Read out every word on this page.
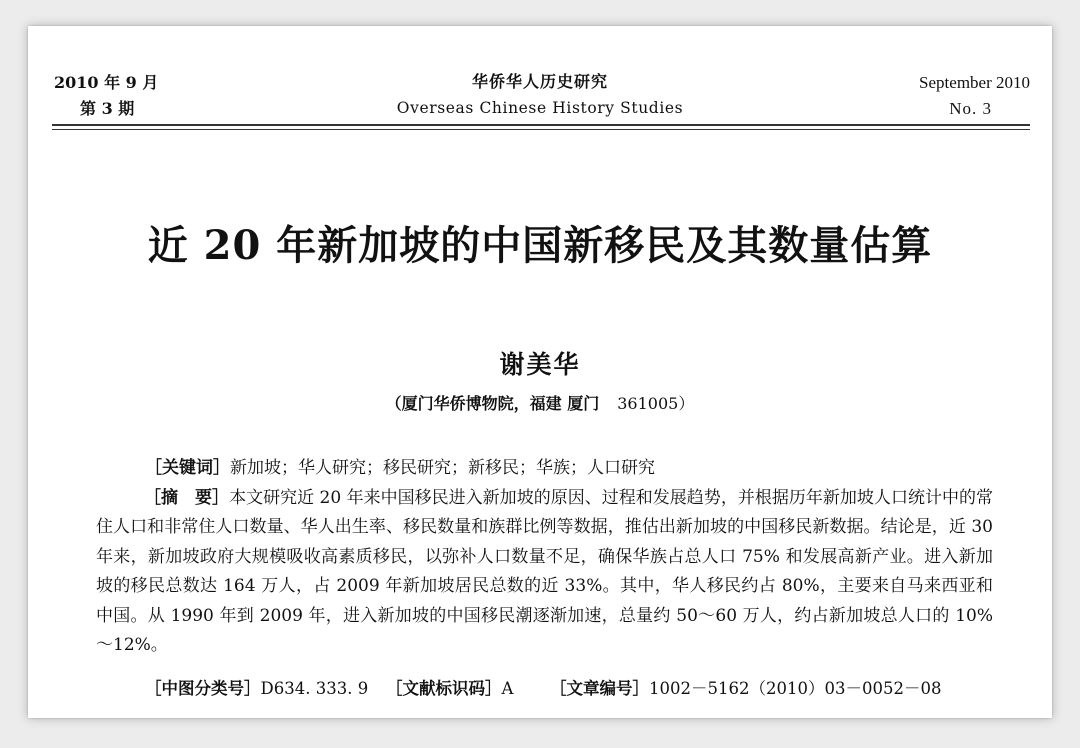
2010 年 9 月
第 3 期
华侨华人历史研究
Overseas Chinese History Studies
September 2010
No. 3
近 20 年新加坡的中国新移民及其数量估算
谢美华
（厦门华侨博物院，福建 厦门 361005）
［关键词］新加坡；华人研究；移民研究；新移民；华族；人口研究

［摘　要］本文研究近 20 年来中国移民进入新加坡的原因、过程和发展趋势，并根据历年新加坡人口统计中的常住人口和非常住人口数量、华人出生率、移民数量和族群比例等数据，推估出新加坡的中国移民新数据。结论是，近 30 年来，新加坡政府大规模吸收高素质移民，以弥补人口数量不足，确保华族占总人口 75% 和发展高新产业。进入新加坡的移民总数达 164 万人，占 2009 年新加坡居民总数的近 33%。其中，华人移民约占 80%，主要来自马来西亚和中国。从 1990 年到 2009 年，进入新加坡的中国移民潮逐渐加速，总量约 50～60 万人，约占新加坡总人口的 10%～12%。

［中图分类号］D634. 333. 9 ［文献标识码］A ［文章编号］1002－5162（2010）03－0052－08
